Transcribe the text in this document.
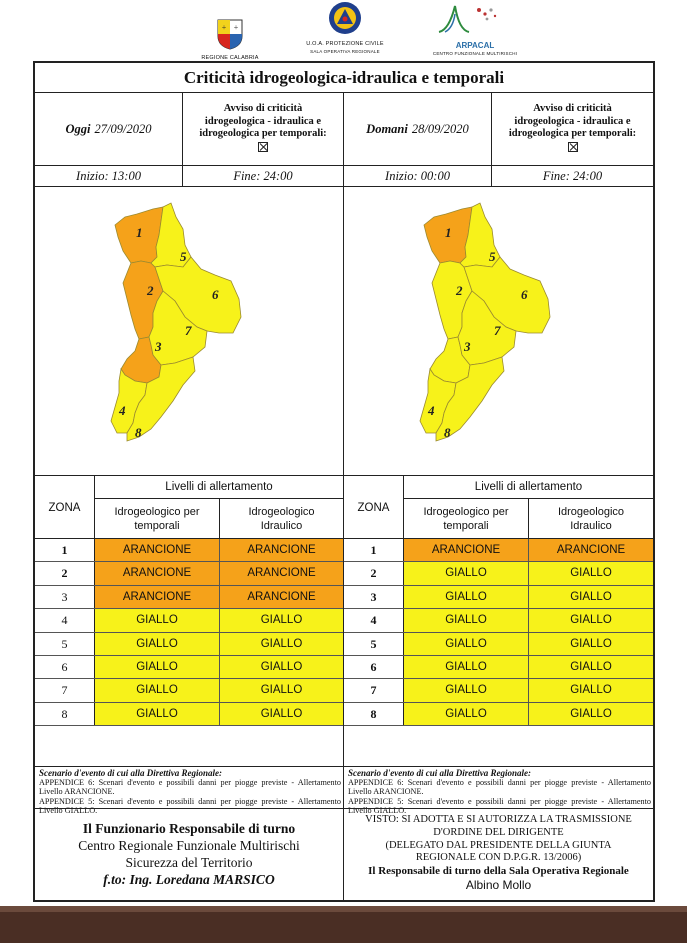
+ +
REGIONE CALABRIA
U.O.A. PROTEZIONE CIVILE
SALA OPERATIVA REGIONALE
ARPACAL
CENTRO FUNZIONALE MULTIRISCHI
Criticità idrogeologica-idraulica e temporali
Oggi 27/09/2020
Avviso di criticità
idrogeologica - idraulica e
idrogeologica per temporali:
Inizio: 13:00	Fine: 24:00
1
2
3
4
5
6
7
8
ZONA
Livelli di allertamento
Idrogeologico per
temporali
Idrogeologico
Idraulico
1	ARANCIONE	ARANCIONE
2	ARANCIONE	ARANCIONE
3	ARANCIONE	ARANCIONE
4	GIALLO	GIALLO
5	GIALLO	GIALLO
6	GIALLO	GIALLO
7	GIALLO	GIALLO
8	GIALLO	GIALLO
Scenario d'evento di cui alla Direttiva Regionale:

APPENDICE 6: Scenari d'evento e possibili danni per piogge previste - Allertamento Livello ARANCIONE.

APPENDICE 5: Scenari d'evento e possibili danni per piogge previste - Allertamento Livello GIALLO.

Domani 28/09/2020
Avviso di criticità
idrogeologica - idraulica e
idrogeologica per temporali:
Inizio: 00:00	Fine: 24:00
1
2
3
4
5
6
7
8
ZONA
Livelli di allertamento
Idrogeologico per
temporali
Idrogeologico
Idraulico
1	ARANCIONE	ARANCIONE
2	GIALLO	GIALLO
3	GIALLO	GIALLO
4	GIALLO	GIALLO
5	GIALLO	GIALLO
6	GIALLO	GIALLO
7	GIALLO	GIALLO
8	GIALLO	GIALLO
Scenario d'evento di cui alla Direttiva Regionale:

APPENDICE 6: Scenari d'evento e possibili danni per piogge previste - Allertamento Livello ARANCIONE.

APPENDICE 5: Scenari d'evento e possibili danni per piogge previste - Allertamento Livello GIALLO.

Il Funzionario Responsabile di turno
Centro Regionale Funzionale Multirischi
Sicurezza del Territorio
f.to: Ing. Loredana MARSICO
VISTO: SI ADOTTA E SI AUTORIZZA LA TRASMISSIONE
D'ORDINE DEL DIRIGENTE
(DELEGATO DAL PRESIDENTE DELLA GIUNTA
REGIONALE CON D.P.G.R. 13/2006)
Il Responsabile di turno della Sala Operativa Regionale
Albino Mollo
